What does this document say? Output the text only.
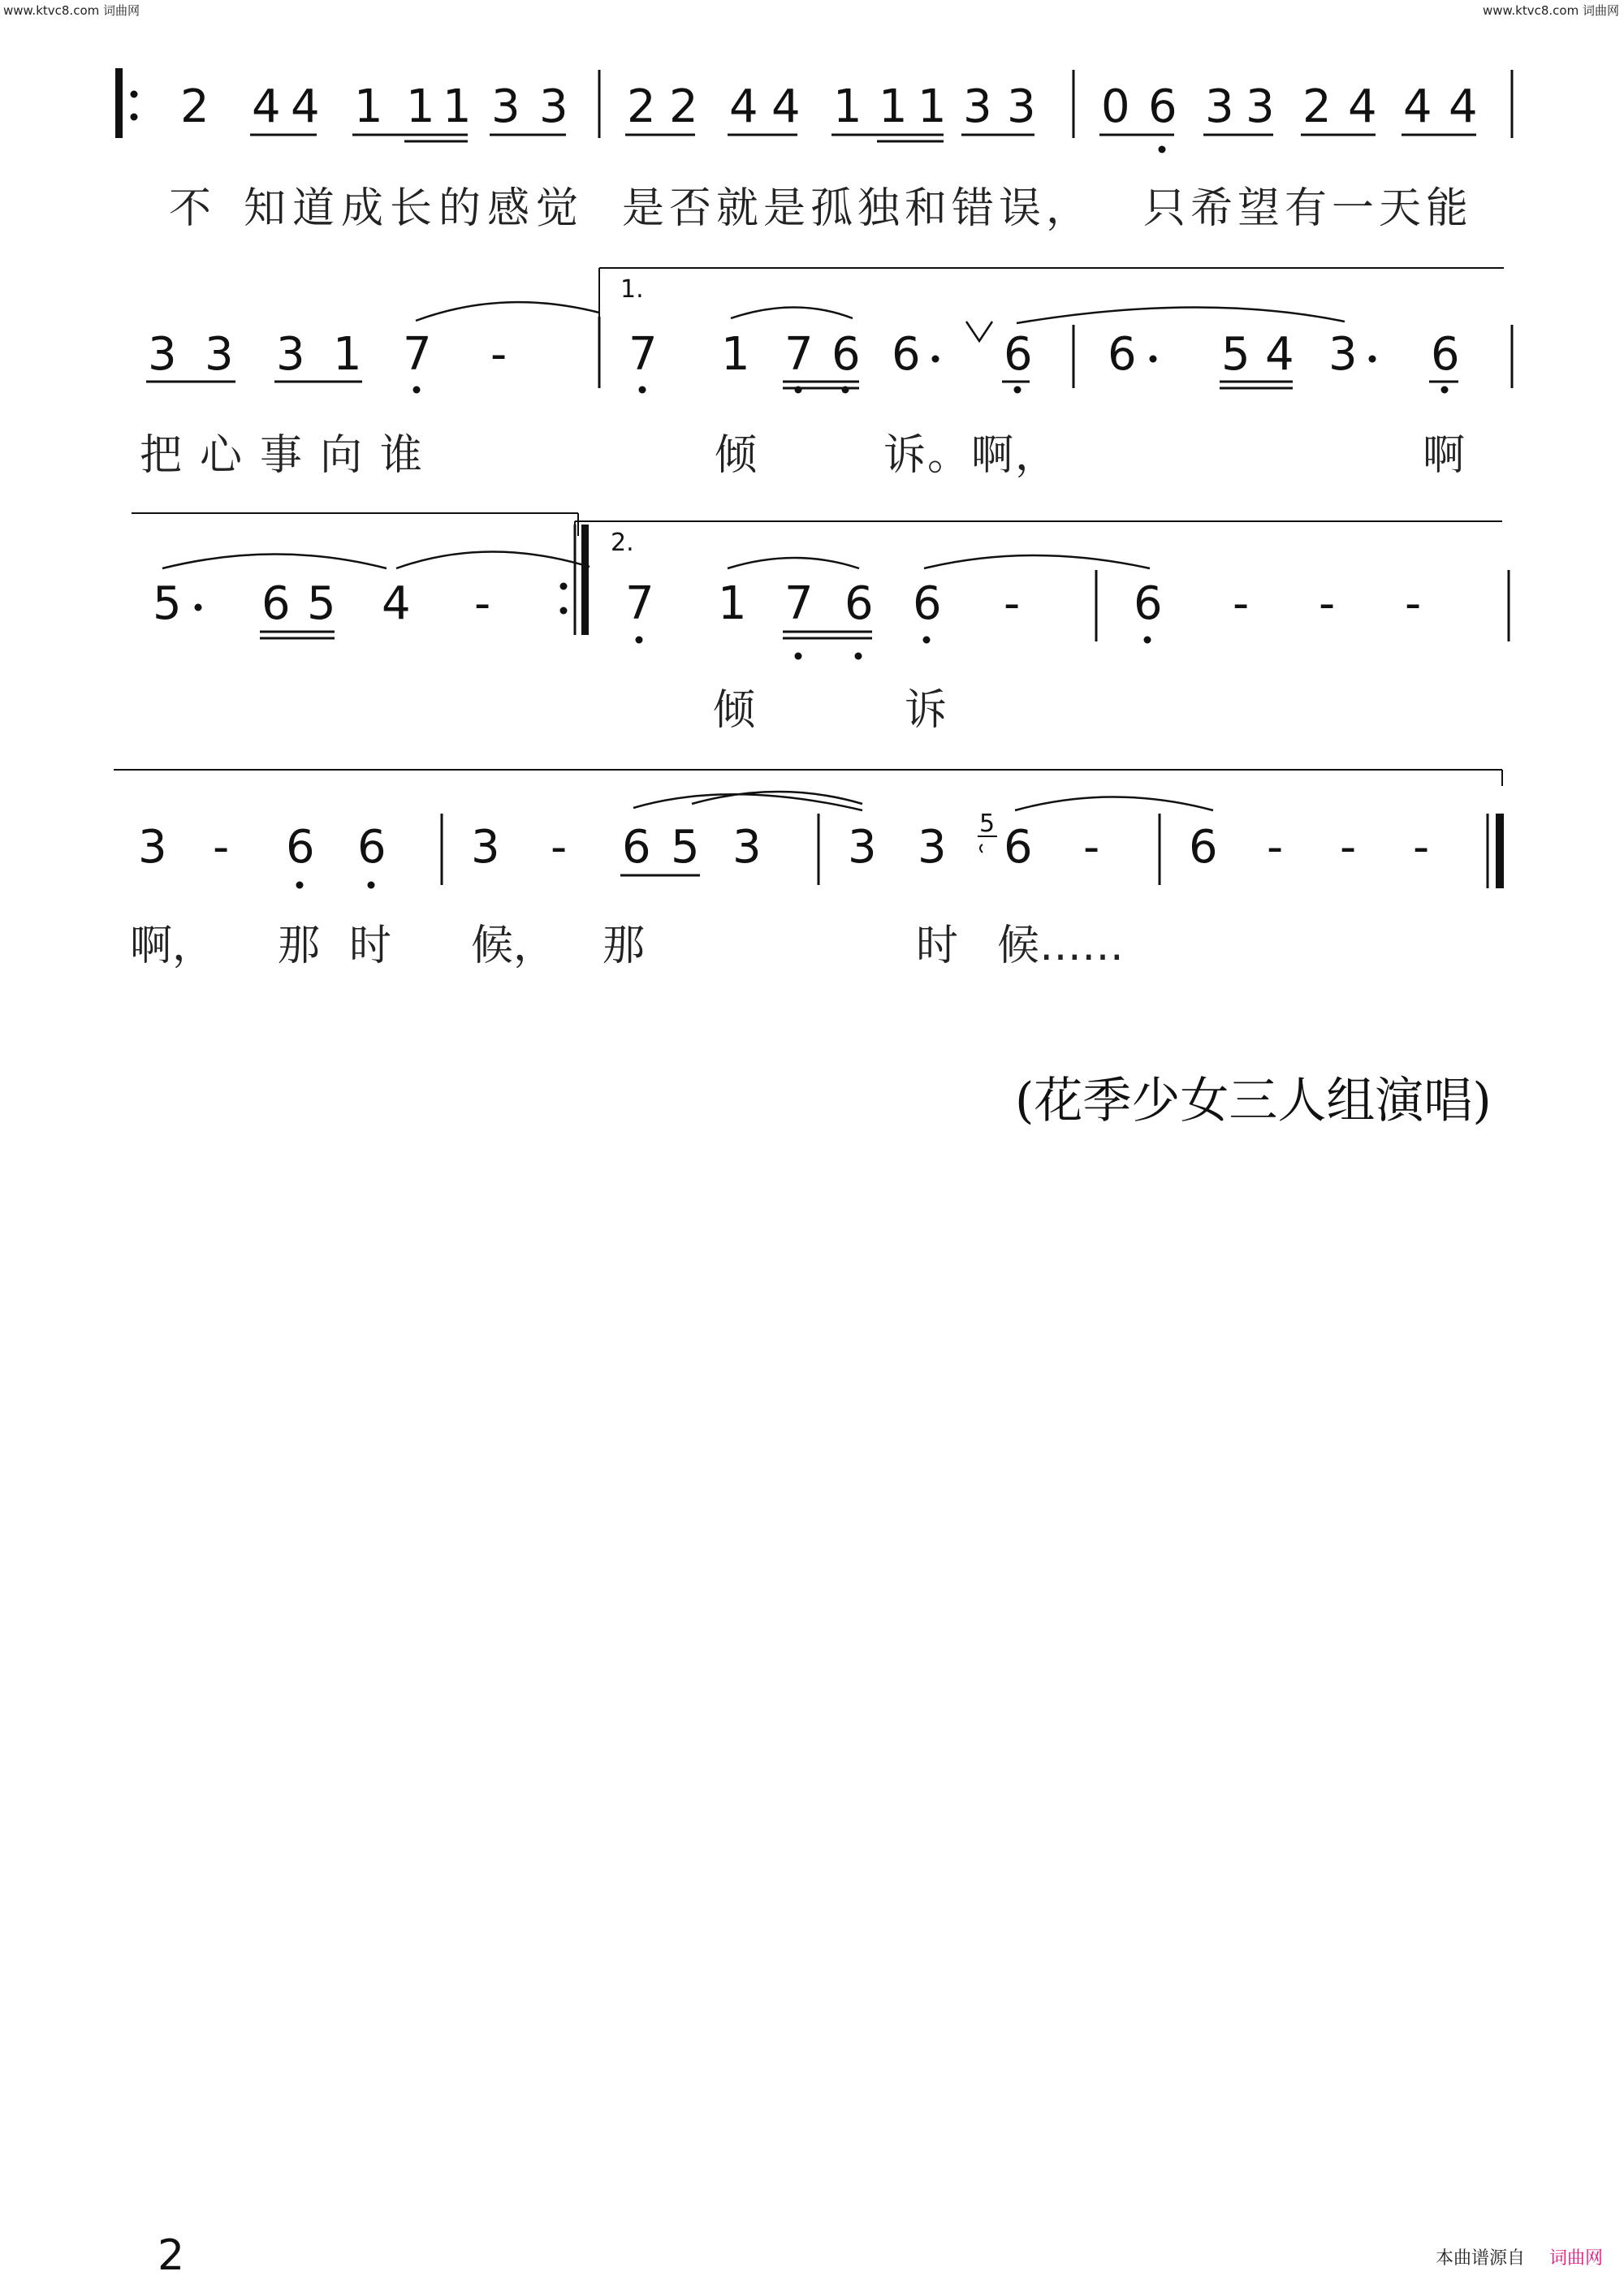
www.ktvc8.com 词曲网	www.ktvc8.com 词曲网
2 4 4 1 1 1 3 3 2 2 4 4 1 1 1 3 3 0 6 3 3 2 4 4 4
3 3 3 1 7 -
1.
7 1 7 6 6 6 6 5 4 3 6
5 6 5 4 -
2.
7 1 7 6 6 - 6 - - -
3 - 6 6 3 - 6 5 3 3 3 5 6 - 6 - - -
不 知道成长的感觉 是否就是孤独和错误， 只希望有一天能
把心事向谁	倾	诉。啊，	啊
倾	诉
啊， 那 时 候， 那	时 候……
(花季少女三人组演唱)
2	本曲谱源自 词曲网
